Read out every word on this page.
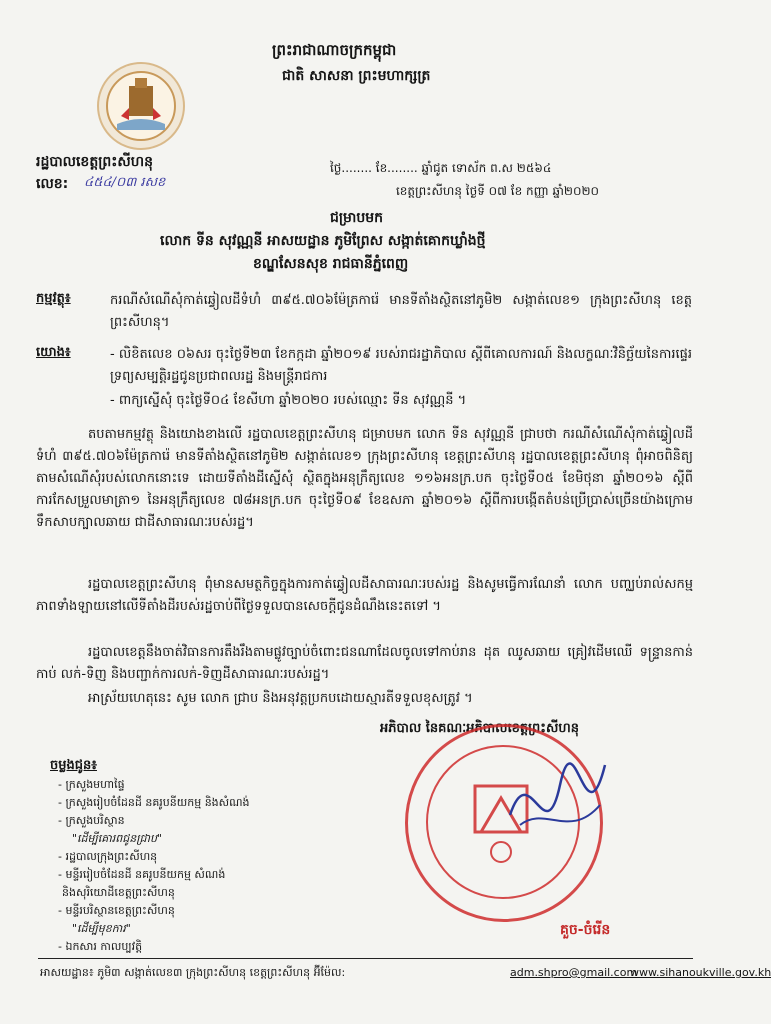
ព្រះរាជាណាចក្រកម្ពុជា
ជាតិ សាសនា ព្រះមហាក្សត្រ
រដ្ឋបាលខេត្តព្រះសីហនុ
លេខ: ៤៥៤/០៣ រសខ
ថ្ងៃ........ ខែ........ ឆ្នាំជូត ទោស័ក ព.ស ២៥៦៤
ខេត្តព្រះសីហនុ ថ្ងៃទី ០៧ ខែ កញ្ញា ឆ្នាំ២០២០
ជម្រាបមក
លោក ទីន សុវណ្ណនី អាសយដ្ឋាន ភូមិព្រែស សង្កាត់គោកឃ្លាំងថ្មី
ខណ្ឌសែនសុខ រាជធានីភ្នំពេញ
កម្មវត្ថុ៖	ករណីសំណើសុំកាត់ឆ្វៀលដីទំហំ ៣៩៥.៧០៦ម៉ែត្រការ៉េ មានទីតាំងស្ថិតនៅភូមិ២ សង្កាត់លេខ១ ក្រុងព្រះសីហនុ ខេត្តព្រះសីហនុ។
យោង៖	- លិខិតលេខ ០៦សរ ចុះថ្ងៃទី២៣ ខែកក្កដា ឆ្នាំ២០១៩ របស់រាជរដ្ឋាភិបាល ស្ដីពីគោលការណ៍ និងលក្ខណៈវិនិច្ឆ័យនៃការផ្ទេរទ្រព្យសម្បត្តិរដ្ឋជូនប្រជាពលរដ្ឋ និងមន្ត្រីរាជការ
- ពាក្យស្នើសុំ ចុះថ្ងៃទី០៤ ខែសីហា ឆ្នាំ២០២០ របស់ឈ្មោះ ទីន សុវណ្ណនី ។
តបតាមកម្មវត្ថុ និងយោងខាងលើ រដ្ឋបាលខេត្តព្រះសីហនុ ជម្រាបមក លោក ទីន សុវណ្ណនី ជ្រាបថា ករណីសំណើសុំកាត់ឆ្វៀលដីទំហំ ៣៩៥.៧០៦ម៉ែត្រការ៉េ មានទីតាំងស្ថិតនៅភូមិ២ សង្កាត់លេខ១ ក្រុងព្រះសីហនុ ខេត្តព្រះសីហនុ រដ្ឋបាលខេត្តព្រះសីហនុ ពុំអាចពិនិត្យតាមសំណើសុំរបស់លោកនោះទេ ដោយទីតាំងដីស្នើសុំ ស្ថិតក្នុងអនុក្រឹត្យលេខ ១១៦អនក្រ.បក ចុះថ្ងៃទី០៥ ខែមិថុនា ឆ្នាំ២០១៦ ស្ដីពីការកែសម្រួលមាត្រា១ នៃអនុក្រឹត្យលេខ ៧៨អនក្រ.បក ចុះថ្ងៃទី០៩ ខែឧសភា ឆ្នាំ២០១៦ ស្ដីពីការបង្កើតតំបន់ប្រើប្រាស់ច្រើនយ៉ាងក្រោមទឹកសាបក្បាលឆាយ ជាដីសាធារណៈរបស់រដ្ឋ។
រដ្ឋបាលខេត្តព្រះសីហនុ ពុំមានសមត្ថកិច្ចក្នុងការកាត់ឆ្វៀលដីសាធារណៈរបស់រដ្ឋ និងសូមធ្វើការណែនាំ លោក បញ្ឈប់រាល់សកម្មភាពទាំងឡាយនៅលើទីតាំងដីរបស់រដ្ឋចាប់ពីថ្ងៃទទួលបានសេចក្ដីជូនដំណឹងនេះតទៅ ។
រដ្ឋបាលខេត្តនឹងចាត់វិធានការតឹងរឹងតាមផ្លូវច្បាប់ចំពោះជនណាដែលចូលទៅកាប់រាន ដុត ឈូសឆាយ គ្រៀវដើមឈើ ទន្ទ្រានកាន់កាប់ លក់-ទិញ និងបញ្ជាក់ការលក់-ទិញដីសាធារណៈរបស់រដ្ឋ។
អាស្រ័យហេតុនេះ សូម លោក ជ្រាប និងអនុវត្តប្រកបដោយស្មារតីទទួលខុសត្រូវ ។
អភិបាល នៃគណៈអភិបាលខេត្តព្រះសីហនុ
គួច-ចំរើន
ចម្លងជូន៖
- ក្រសួងមហាផ្ទៃ
- ក្រសួងរៀបចំដែនដី នគរូបនីយកម្ម និងសំណង់
- ក្រសួងបរិស្ថាន
"ដើម្បីគោរពជូនជ្រាប"
- រដ្ឋបាលក្រុងព្រះសីហនុ
- មន្ទីររៀបចំដែនដី នគរូបនីយកម្ម សំណង់
និងសុរិយោដីខេត្តព្រះសីហនុ
- មន្ទីរបរិស្ថានខេត្តព្រះសីហនុ
"ដើម្បីមុខការ"
- ឯកសារ កាលប្បវត្តិ
អាសយដ្ឋាន៖ ភូមិ៣ សង្កាត់លេខ៣ ក្រុងព្រះសីហនុ ខេត្តព្រះសីហនុ អ៊ីម៉ែល:	adm.shpro@gmail.com
www.sihanoukville.gov.kh
